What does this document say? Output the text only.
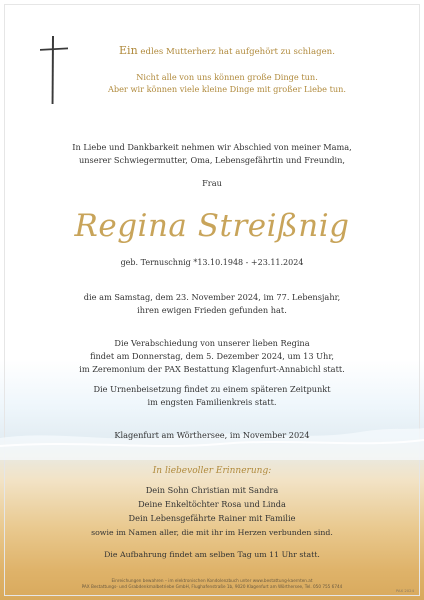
Ein edles Mutterherz hat aufgehört zu schlagen.
Nicht alle von uns können große Dinge tun.
Aber wir können viele kleine Dinge mit großer Liebe tun.
In Liebe und Dankbarkeit nehmen wir Abschied von meiner Mama,
unserer Schwiegermutter, Oma, Lebensgefährtin und Freundin,
Frau
Regina Streißnig
geb. Ternuschnig *13.10.1948 - +23.11.2024
die am Samstag, dem 23. November 2024, im 77. Lebensjahr,
ihren ewigen Frieden gefunden hat.
Die Verabschiedung von unserer lieben Regina
findet am Donnerstag, dem 5. Dezember 2024, um 13 Uhr,
im Zeremonium der PAX Bestattung Klagenfurt-Annabichl statt.
Die Urnenbeisetzung findet zu einem späteren Zeitpunkt
im engsten Familienkreis statt.
Klagenfurt am Wörthersee, im November 2024
In liebevoller Erinnerung:
Dein Sohn Christian mit Sandra
Deine Enkeltöchter Rosa und Linda
Dein Lebensgefährte Rainer mit Familie
sowie im Namen aller, die mit ihr im Herzen verbunden sind.
Die Aufbahrung findet am selben Tag um 11 Uhr statt.
Einreichungen bewahren – im elektronischen Kondolenzbuch unter www.bestattung-kaernten.at
PAX Bestattungs- und Grabdenkmalbetriebe GmbH, Flughafenstraße 1b, 9020 Klagenfurt am Wörthersee, Tel. 050 755 6744
PAX 2024
